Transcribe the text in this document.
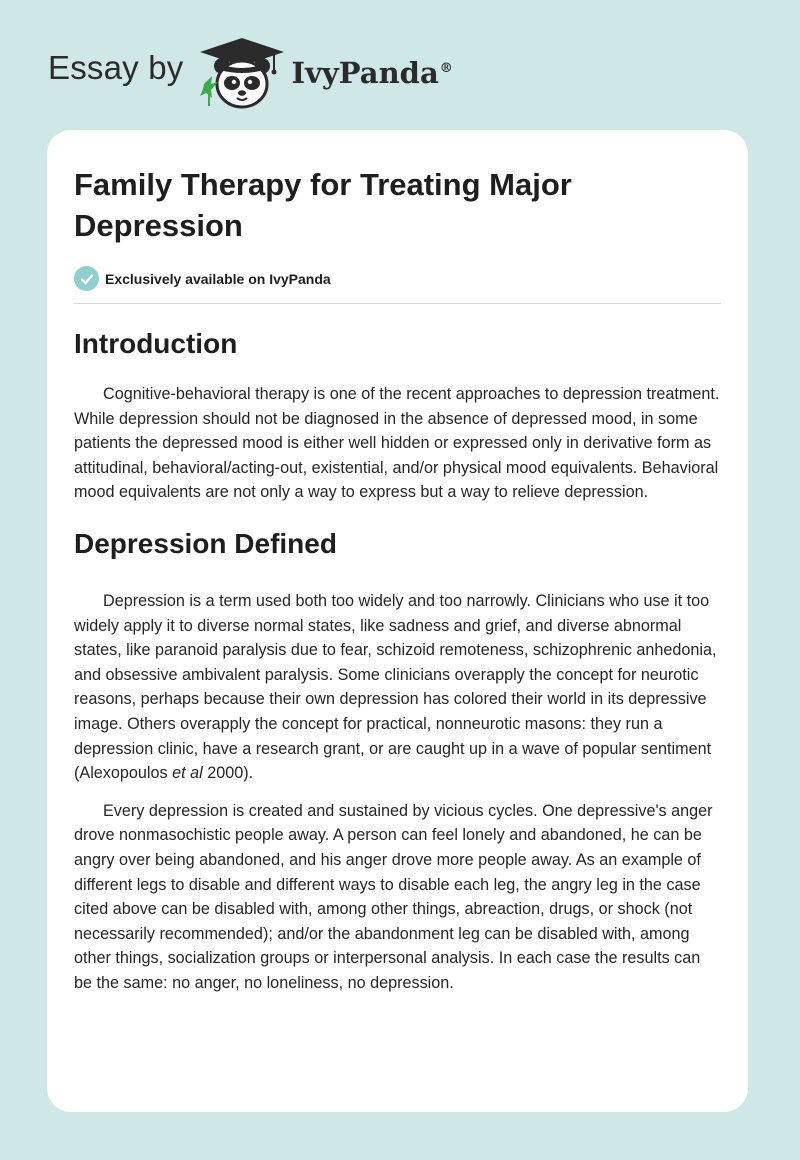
Essay by	IvyPanda®
Family Therapy for Treating Major Depression
Exclusively available on IvyPanda
Introduction

Cognitive-behavioral therapy is one of the recent approaches to depression treatment. While depression should not be diagnosed in the absence of depressed mood, in some patients the depressed mood is either well hidden or expressed only in derivative form as attitudinal, behavioral/acting-out, existential, and/or physical mood equivalents. Behavioral mood equivalents are not only a way to express but a way to relieve depression.

Depression Defined

Depression is a term used both too widely and too narrowly. Clinicians who use it too widely apply it to diverse normal states, like sadness and grief, and diverse abnormal states, like paranoid paralysis due to fear, schizoid remoteness, schizophrenic anhedonia, and obsessive ambivalent paralysis. Some clinicians overapply the concept for neurotic reasons, perhaps because their own depression has colored their world in its depressive image. Others overapply the concept for practical, nonneurotic masons: they run a depression clinic, have a research grant, or are caught up in a wave of popular sentiment (Alexopoulos et al 2000).

Every depression is created and sustained by vicious cycles. One depressive's anger drove nonmasochistic people away. A person can feel lonely and abandoned, he can be angry over being abandoned, and his anger drove more people away. As an example of different legs to disable and different ways to disable each leg, the angry leg in the case cited above can be disabled with, among other things, abreaction, drugs, or shock (not necessarily recommended); and/or the abandonment leg can be disabled with, among other things, socialization groups or interpersonal analysis. In each case the results can be the same: no anger, no loneliness, no depression.
